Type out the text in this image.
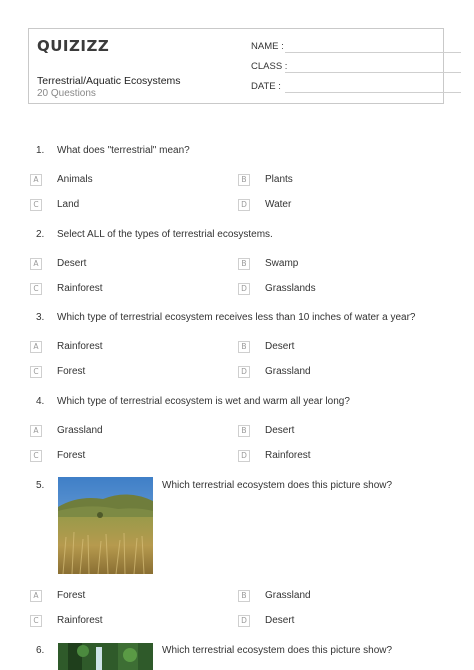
QUIZIZZ
Terrestrial/Aquatic Ecosystems
20 Questions
NAME :
CLASS :
DATE :
1. What does "terrestrial" mean?
A	Animals	B	Plants
C	Land	D	Water
2. Select ALL of the types of terrestrial ecosystems.
A	Desert	B	Swamp
C	Rainforest	D	Grasslands
3. Which type of terrestrial ecosystem receives less than 10 inches of water a year?
A	Rainforest	B	Desert
C	Forest	D	Grassland
4. Which type of terrestrial ecosystem is wet and warm all year long?
A	Grassland	B	Desert
C	Forest	D	Rainforest
5.	Which terrestrial ecosystem does this picture show?
A	Forest	B	Grassland
C	Rainforest	D	Desert
6.	Which terrestrial ecosystem does this picture show?
